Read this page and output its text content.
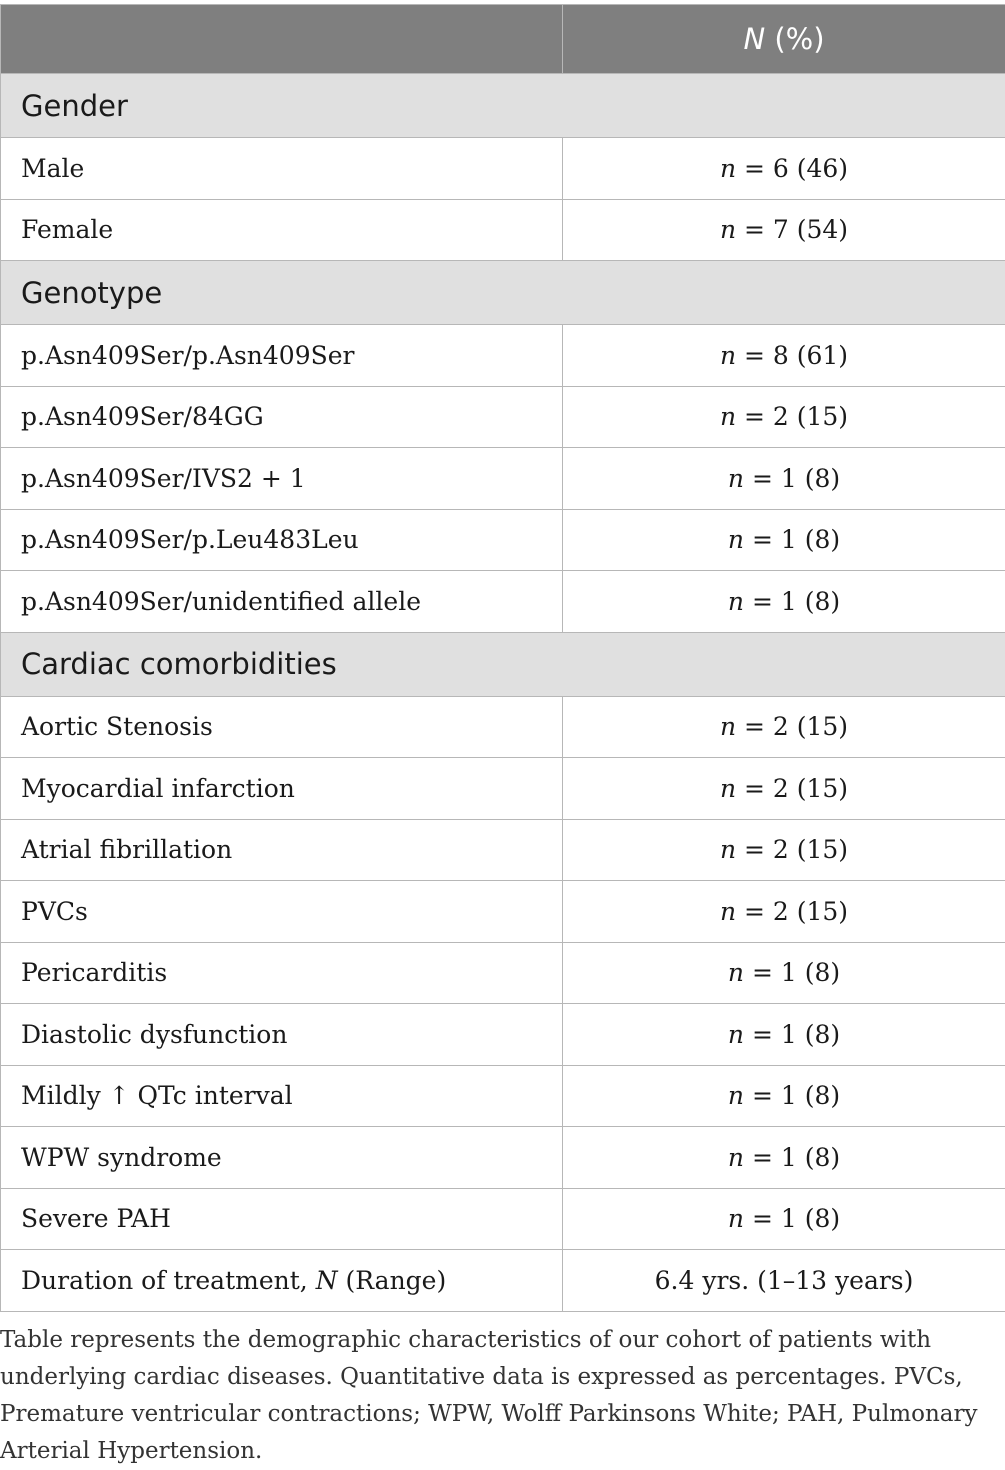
	N (%)
Gender	
Male	n = 6 (46)
Female	n = 7 (54)
Genotype	
p.Asn409Ser/p.Asn409Ser	n = 8 (61)
p.Asn409Ser/84GG	n = 2 (15)
p.Asn409Ser/IVS2 + 1	n = 1 (8)
p.Asn409Ser/p.Leu483Leu	n = 1 (8)
p.Asn409Ser/unidentified allele	n = 1 (8)
Cardiac comorbidities	
Aortic Stenosis	n = 2 (15)
Myocardial infarction	n = 2 (15)
Atrial fibrillation	n = 2 (15)
PVCs	n = 2 (15)
Pericarditis	n = 1 (8)
Diastolic dysfunction	n = 1 (8)
Mildly ↑ QTc interval	n = 1 (8)
WPW syndrome	n = 1 (8)
Severe PAH	n = 1 (8)
Duration of treatment, N (Range)	6.4 yrs. (1–13 years)
Table represents the demographic characteristics of our cohort of patients with underlying cardiac diseases. Quantitative data is expressed as percentages. PVCs, Premature ventricular contractions; WPW, Wolff Parkinsons White; PAH, Pulmonary Arterial Hypertension.
